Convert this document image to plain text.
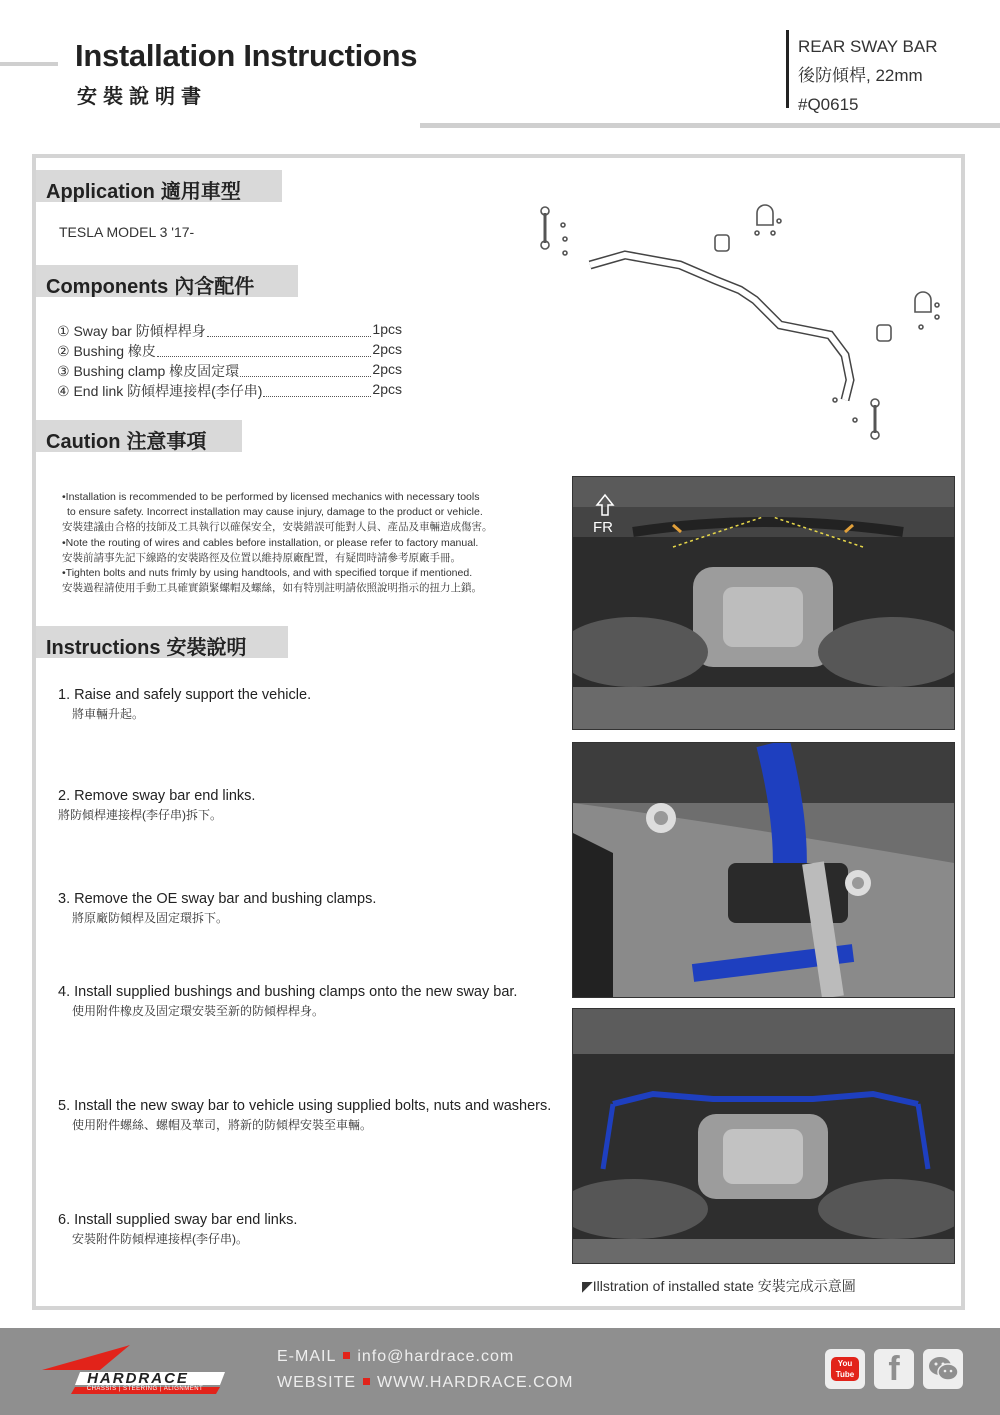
Installation Instructions
安裝說明書
REAR SWAY BAR
後防傾桿, 22mm
#Q0615
Application 適用車型
TESLA MODEL 3 '17-
Components 內含配件
① Sway bar 防傾桿桿身	1pcs
② Bushing 橡皮	2pcs
③ Bushing clamp 橡皮固定環	2pcs
④ End link 防傾桿連接桿(李仔串)	2pcs
Caution 注意事項

•Installation is recommended to be performed by licensed mechanics with necessary tools

to ensure safety. Incorrect installation may cause injury, damage to the product or vehicle.

安裝建議由合格的技師及工具執行以確保安全，安裝錯誤可能對人員、產品及車輛造成傷害。

•Note the routing of wires and cables before installation, or please refer to factory manual.

安裝前請事先記下線路的安裝路徑及位置以維持原廠配置，有疑問時請參考原廠手冊。

•Tighten bolts and nuts frimly by using handtools, and with specified torque if mentioned.

安裝過程請使用手動工具確實鎖緊螺帽及螺絲，如有特別註明請依照說明指示的扭力上鎖。

Instructions 安裝說明
1. Raise and safely support the vehicle.
將車輛升起。
2. Remove sway bar end links.
將防傾桿連接桿(李仔串)拆下。
3. Remove the OE sway bar and bushing clamps.
將原廠防傾桿及固定環拆下。
4. Install supplied bushings and bushing clamps onto the new sway bar.
使用附件橡皮及固定環安裝至新的防傾桿桿身。
5. Install the new sway bar to vehicle using supplied bolts, nuts and washers.
使用附件螺絲、螺帽及華司，將新的防傾桿安裝至車輛。
6. Install supplied sway bar end links.
安裝附件防傾桿連接桿(李仔串)。
FR
◤Illstration of installed state 安裝完成示意圖
HARDRACE
CHASSIS | STEERING | ALIGNMENT
E-MAIL info@hardrace.com
WEBSITE WWW.HARDRACE.COM
You Tube	f
